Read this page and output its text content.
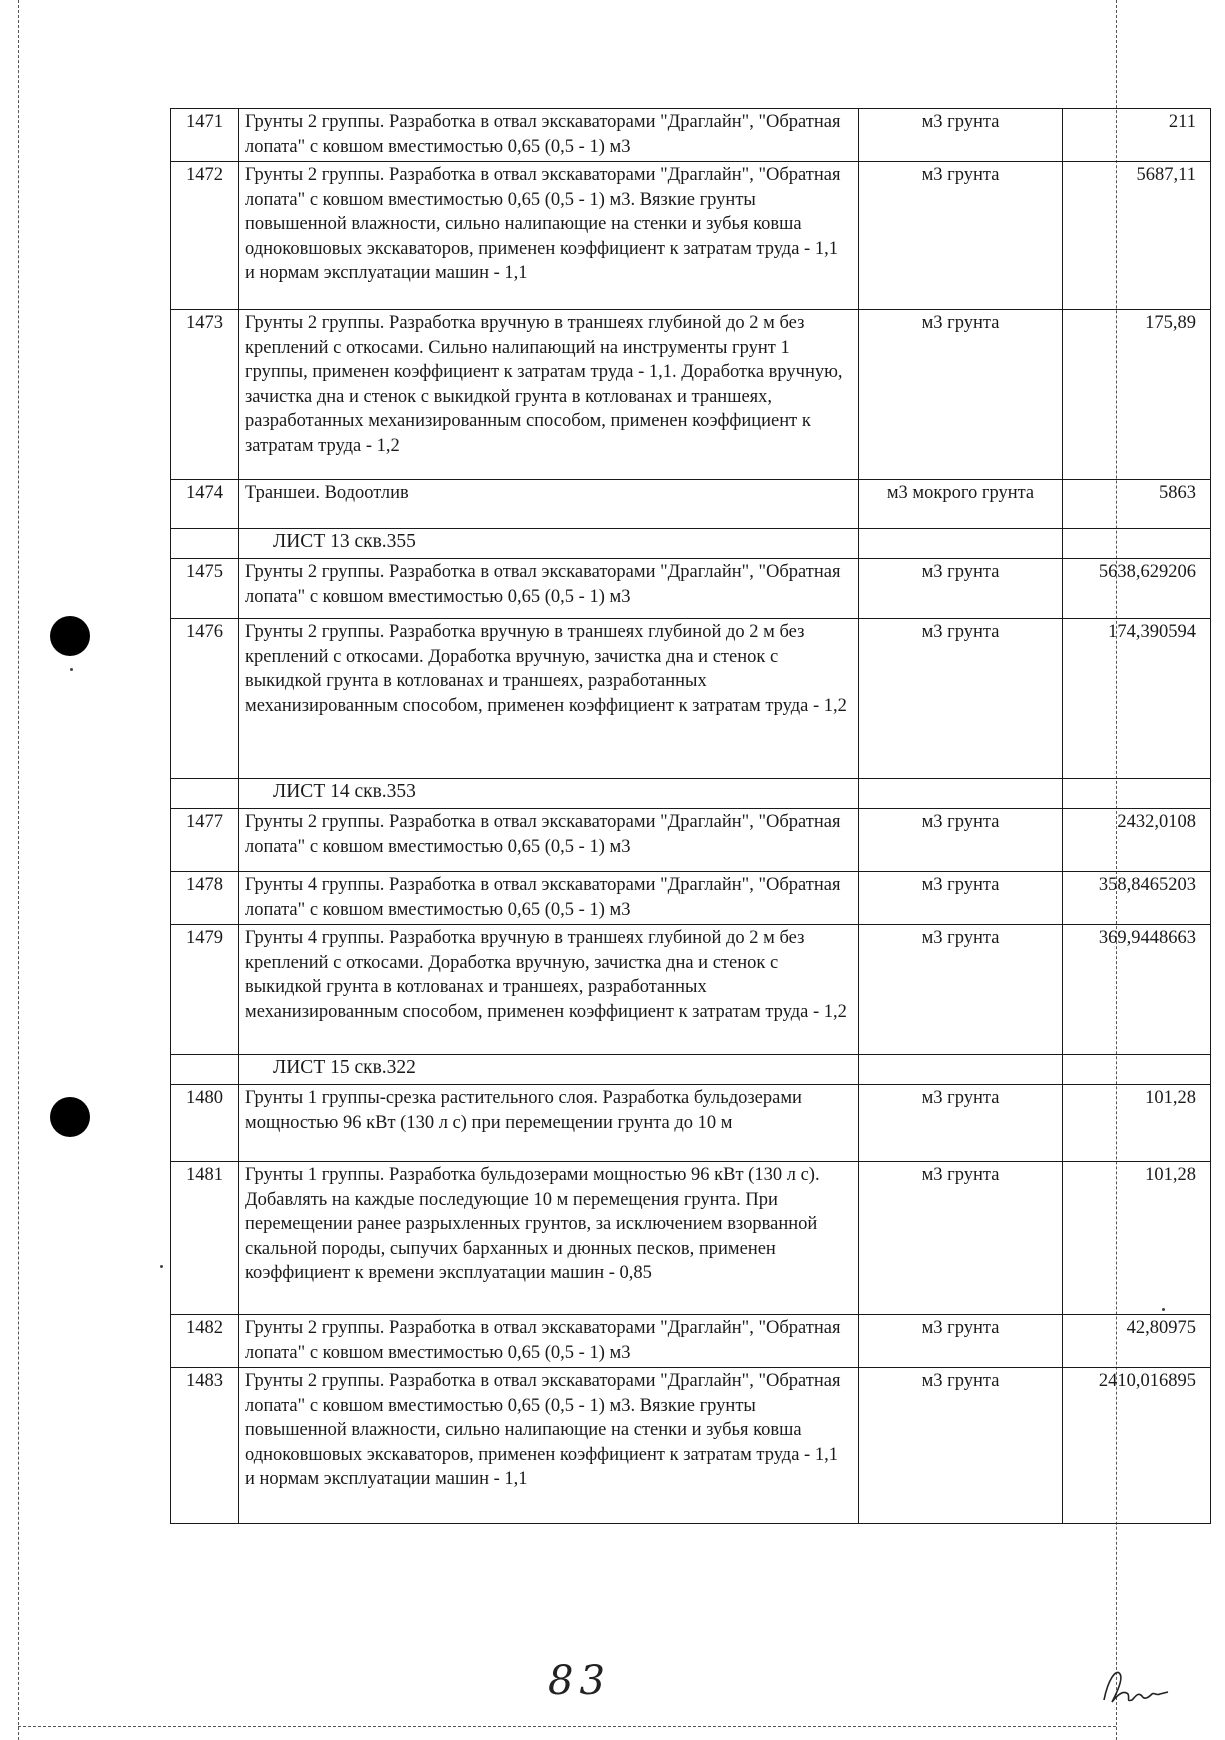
1471	Грунты 2 группы. Разработка в отвал экскаваторами "Драглайн", "Обратная лопата" с ковшом вместимостью 0,65 (0,5 - 1) м3	м3 грунта	211
1472	Грунты 2 группы. Разработка в отвал экскаваторами "Драглайн", "Обратная лопата" с ковшом вместимостью 0,65 (0,5 - 1) м3. Вязкие грунты повышенной влажности, сильно налипающие на стенки и зубья ковша одноковшовых экскаваторов, применен коэффициент к затратам труда - 1,1 и нормам эксплуатации машин - 1,1	м3 грунта	5687,11
1473	Грунты 2 группы. Разработка вручную в траншеях глубиной до 2 м без креплений с откосами. Сильно налипающий на инструменты грунт 1 группы, применен коэффициент к затратам труда - 1,1. Доработка вручную, зачистка дна и стенок с выкидкой грунта в котлованах и траншеях, разработанных механизированным способом, применен коэффициент к затратам труда - 1,2	м3 грунта	175,89
1474	Траншеи. Водоотлив	м3 мокрого грунта	5863
	ЛИСТ 13 скв.355		
1475	Грунты 2 группы. Разработка в отвал экскаваторами "Драглайн", "Обратная лопата" с ковшом вместимостью 0,65 (0,5 - 1) м3	м3 грунта	5638,629206
1476	Грунты 2 группы. Разработка вручную в траншеях глубиной до 2 м без креплений с откосами. Доработка вручную, зачистка дна и стенок с выкидкой грунта в котлованах и траншеях, разработанных механизированным способом, применен коэффициент к затратам труда - 1,2	м3 грунта	174,390594
	ЛИСТ 14 скв.353		
1477	Грунты 2 группы. Разработка в отвал экскаваторами "Драглайн", "Обратная лопата" с ковшом вместимостью 0,65 (0,5 - 1) м3	м3 грунта	2432,0108
1478	Грунты 4 группы. Разработка в отвал экскаваторами "Драглайн", "Обратная лопата" с ковшом вместимостью 0,65 (0,5 - 1) м3	м3 грунта	358,8465203
1479	Грунты 4 группы. Разработка вручную в траншеях глубиной до 2 м без креплений с откосами. Доработка вручную, зачистка дна и стенок с выкидкой грунта в котлованах и траншеях, разработанных механизированным способом, применен коэффициент к затратам труда - 1,2	м3 грунта	369,9448663
	ЛИСТ 15 скв.322		
1480	Грунты 1 группы-срезка растительного слоя. Разработка бульдозерами мощностью 96 кВт (130 л с) при перемещении грунта до 10 м	м3 грунта	101,28
1481	Грунты 1 группы. Разработка бульдозерами мощностью 96 кВт (130 л с). Добавлять на каждые последующие 10 м перемещения грунта. При перемещении ранее разрыхленных грунтов, за исключением взорванной скальной породы, сыпучих барханных и дюнных песков, применен коэффициент к времени эксплуатации машин - 0,85	м3 грунта	101,28
1482	Грунты 2 группы. Разработка в отвал экскаваторами "Драглайн", "Обратная лопата" с ковшом вместимостью 0,65 (0,5 - 1) м3	м3 грунта	42,80975
1483	Грунты 2 группы. Разработка в отвал экскаваторами "Драглайн", "Обратная лопата" с ковшом вместимостью 0,65 (0,5 - 1) м3. Вязкие грунты повышенной влажности, сильно налипающие на стенки и зубья ковша одноковшовых экскаваторов, применен коэффициент к затратам труда - 1,1 и нормам эксплуатации машин - 1,1	м3 грунта	2410,016895
83
